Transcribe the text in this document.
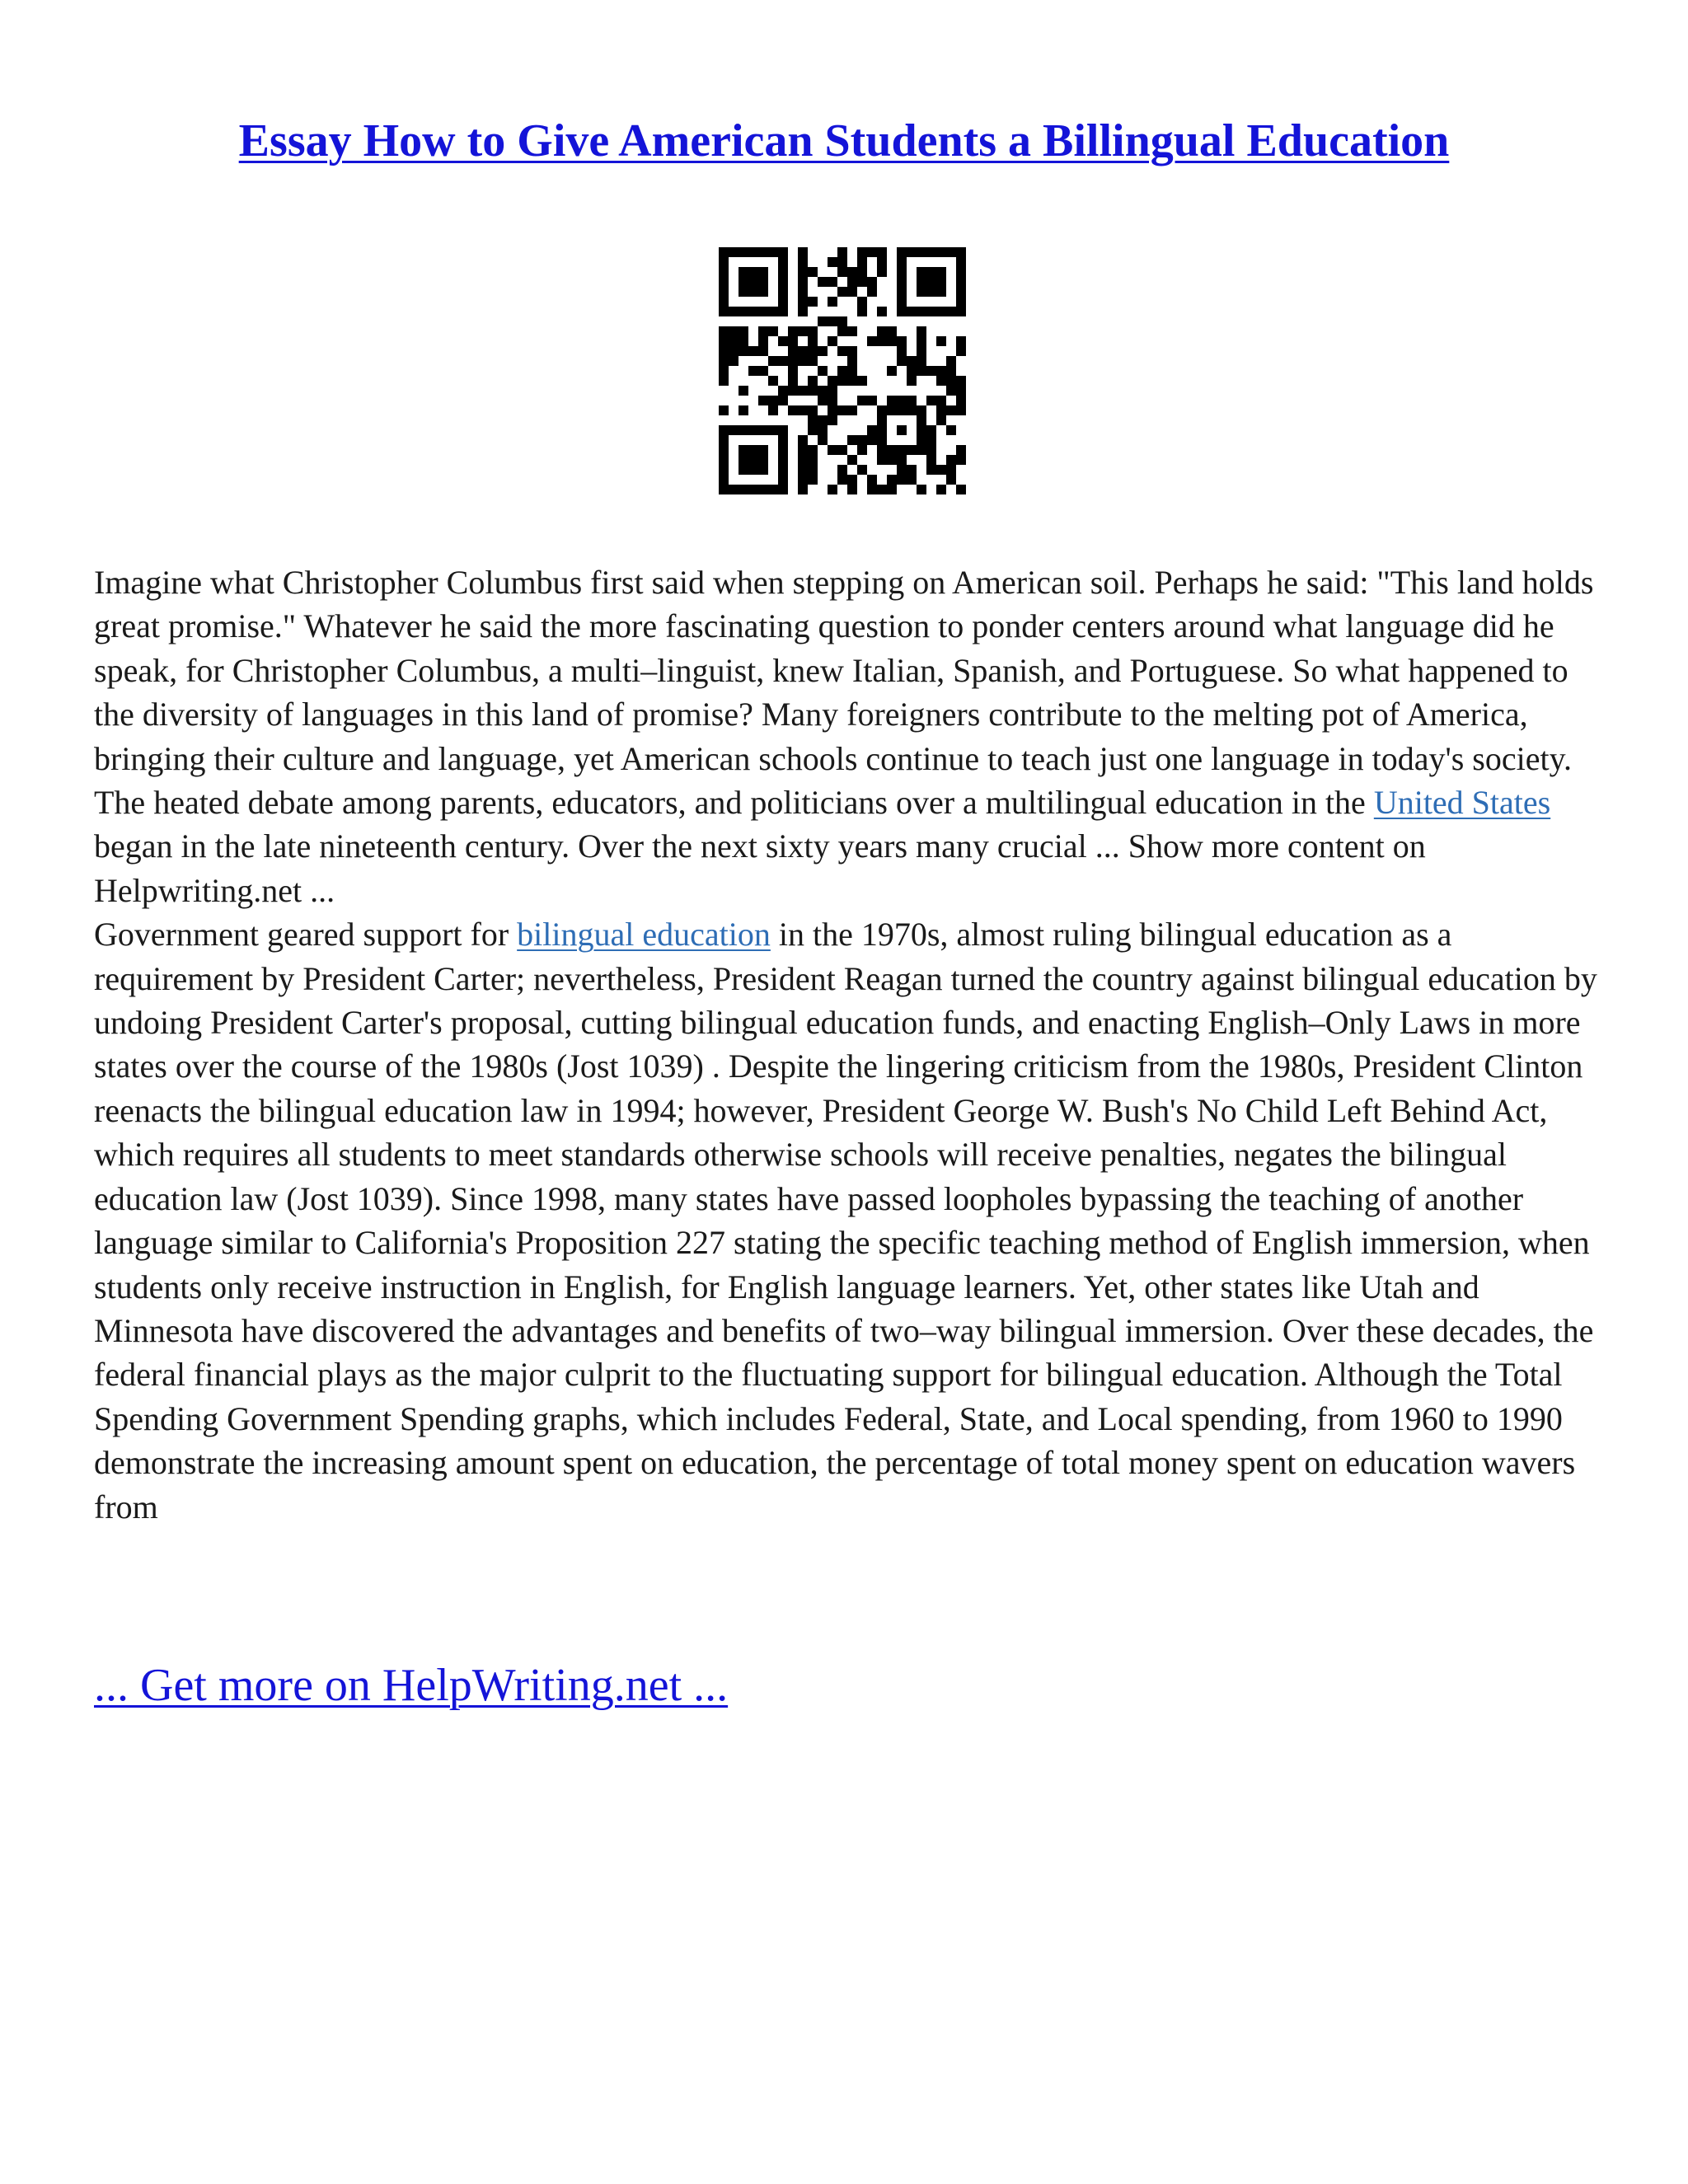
Essay How to Give American Students a Billingual Education

Imagine what Christopher Columbus first said when stepping on American soil. Perhaps he said: "This land holds great promise." Whatever he said the more fascinating question to ponder centers around what language did he speak, for Christopher Columbus, a multi–linguist, knew Italian, Spanish, and Portuguese. So what happened to the diversity of languages in this land of promise? Many foreigners contribute to the melting pot of America, bringing their culture and language, yet American schools continue to teach just one language in today's society. The heated debate among parents, educators, and politicians over a multilingual education in the United States began in the late nineteenth century. Over the next sixty years many crucial ... Show more content on Helpwriting.net ...

Government geared support for bilingual education in the 1970s, almost ruling bilingual education as a requirement by President Carter; nevertheless, President Reagan turned the country against bilingual education by undoing President Carter's proposal, cutting bilingual education funds, and enacting English–Only Laws in more states over the course of the 1980s (Jost 1039) . Despite the lingering criticism from the 1980s, President Clinton reenacts the bilingual education law in 1994; however, President George W. Bush's No Child Left Behind Act, which requires all students to meet standards otherwise schools will receive penalties, negates the bilingual education law (Jost 1039). Since 1998, many states have passed loopholes bypassing the teaching of another language similar to California's Proposition 227 stating the specific teaching method of English immersion, when students only receive instruction in English, for English language learners. Yet, other states like Utah and Minnesota have discovered the advantages and benefits of two–way bilingual immersion. Over these decades, the federal financial plays as the major culprit to the fluctuating support for bilingual education. Although the Total Spending Government Spending graphs, which includes Federal, State, and Local spending, from 1960 to 1990 demonstrate the increasing amount spent on education, the percentage of total money spent on education wavers from

... Get more on HelpWriting.net ...
